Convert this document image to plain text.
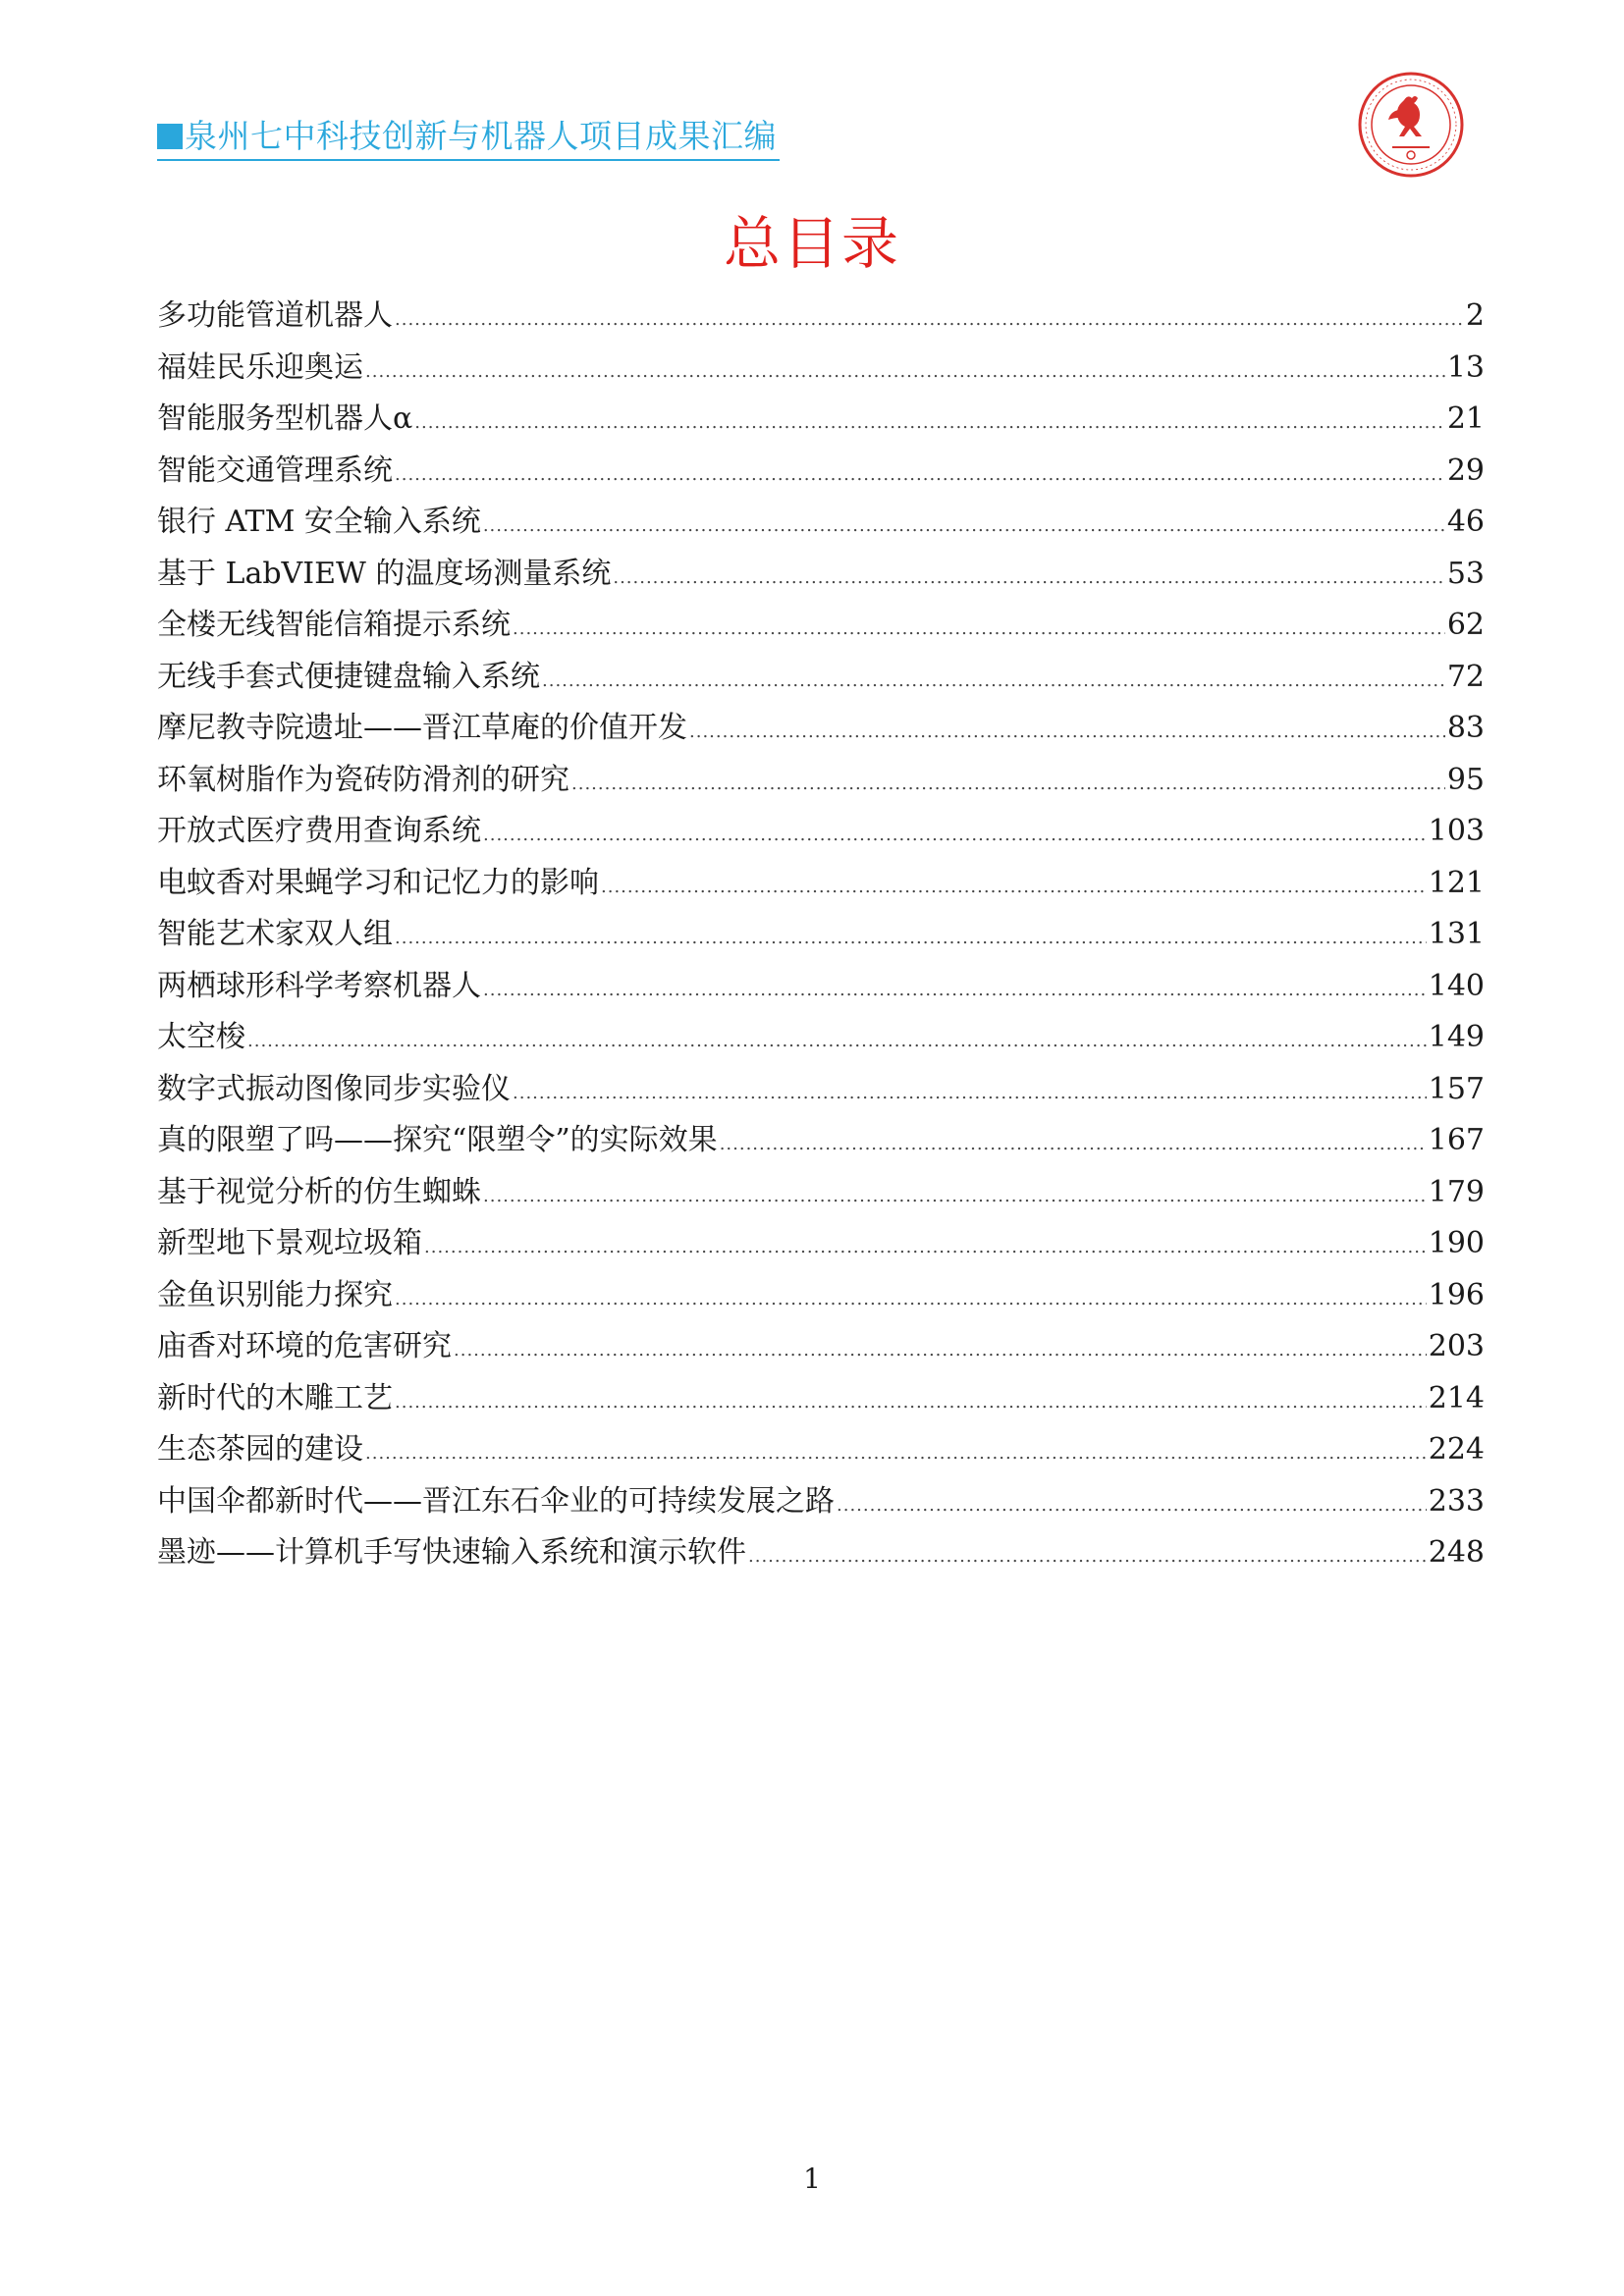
泉州七中科技创新与机器人项目成果汇编
总目录
多功能管道机器人 .....	2
福娃民乐迎奥运 .....	13
智能服务型机器人α .....	21
智能交通管理系统 .....	29
银行 ATM 安全输入系统 .....	46
基于 LabVIEW 的温度场测量系统 .....	53
全楼无线智能信箱提示系统 .....	62
无线手套式便捷键盘输入系统 .....	72
摩尼教寺院遗址——晋江草庵的价值开发 .....	83
环氧树脂作为瓷砖防滑剂的研究 .....	95
开放式医疗费用查询系统 .....	103
电蚊香对果蝇学习和记忆力的影响 .....	121
智能艺术家双人组 .....	131
两栖球形科学考察机器人 .....	140
太空梭 .....	149
数字式振动图像同步实验仪 .....	157
真的限塑了吗——探究“限塑令”的实际效果 .....	167
基于视觉分析的仿生蜘蛛 .....	179
新型地下景观垃圾箱 .....	190
金鱼识别能力探究 .....	196
庙香对环境的危害研究 .....	203
新时代的木雕工艺 .....	214
生态茶园的建设 .....	224
中国伞都新时代——晋江东石伞业的可持续发展之路 .....	233
墨迹——计算机手写快速输入系统和演示软件 .....	248
1
